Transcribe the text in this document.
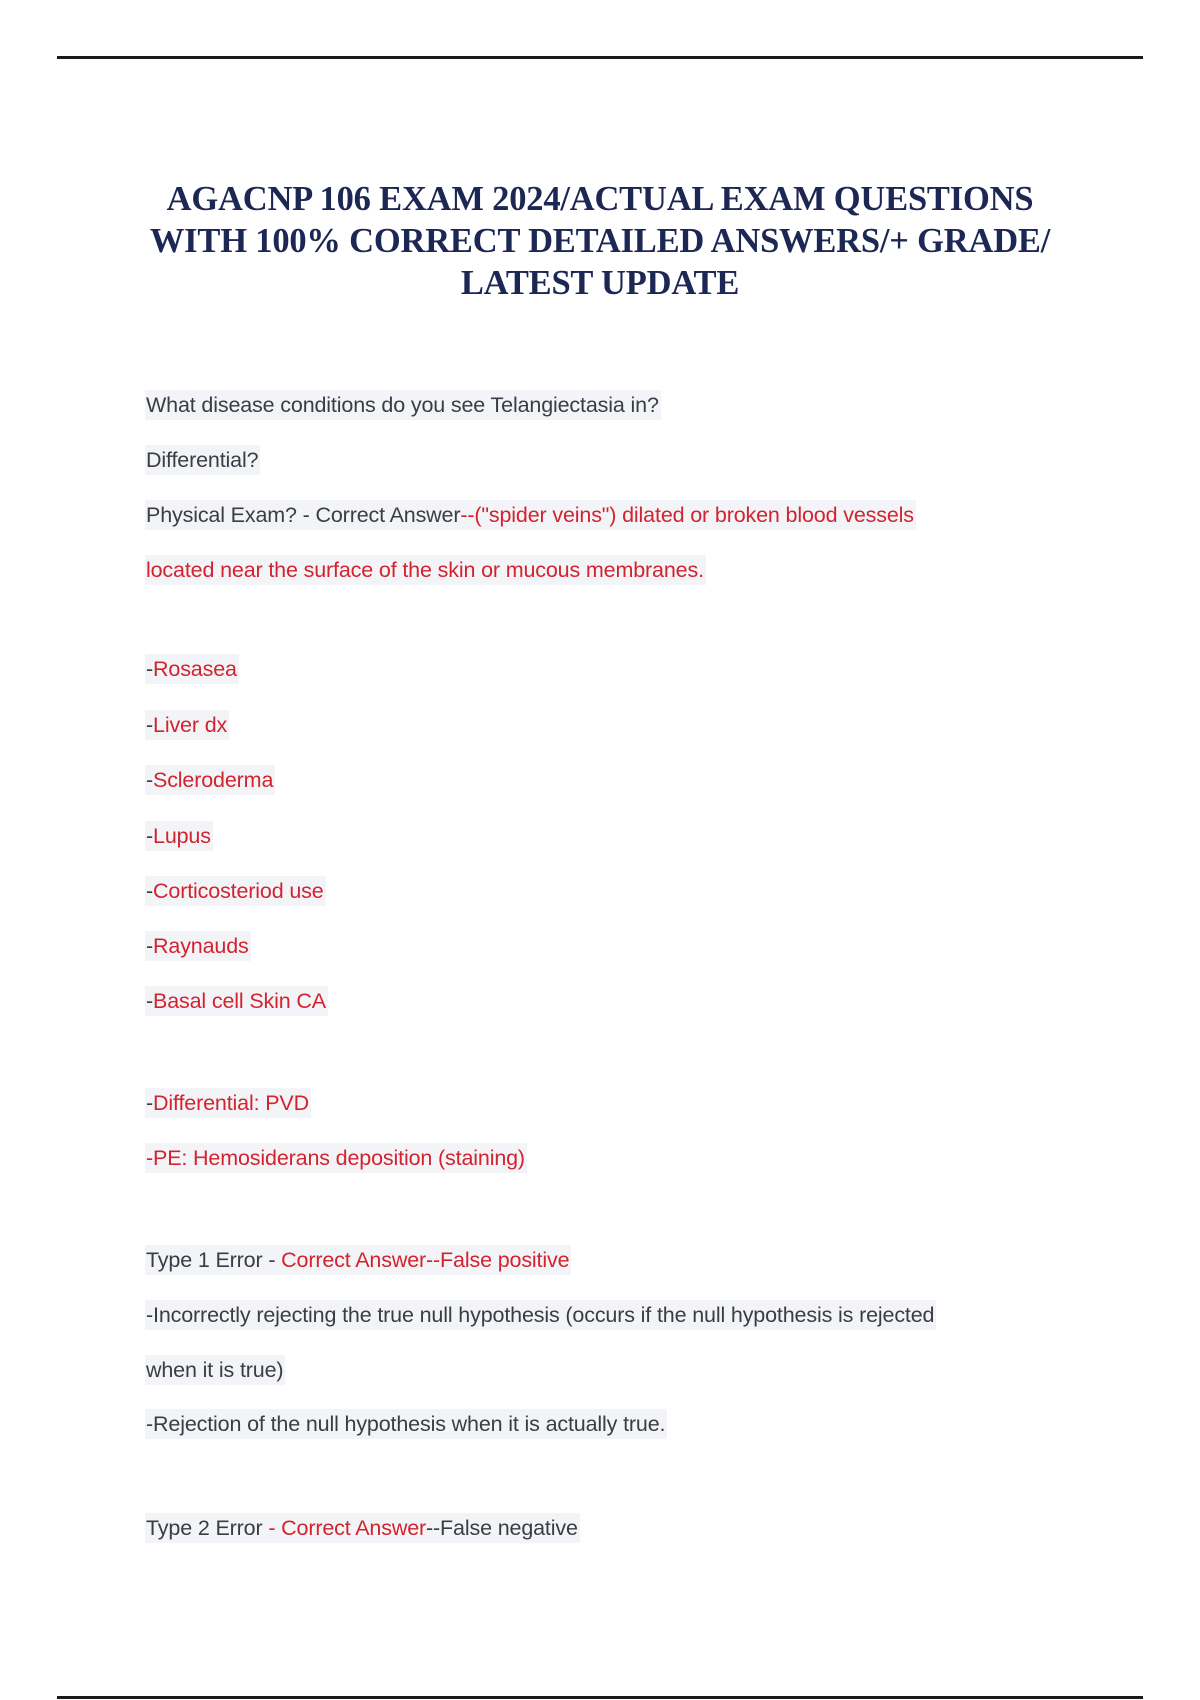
AGACNP 106 EXAM 2024/ACTUAL EXAM QUESTIONS
WITH 100% CORRECT DETAILED ANSWERS/+ GRADE/
LATEST UPDATE
What disease conditions do you see Telangiectasia in?
Differential?
Physical Exam? - Correct Answer--("spider veins") dilated or broken blood vessels
located near the surface of the skin or mucous membranes.
-Rosasea
-Liver dx
-Scleroderma
-Lupus
-Corticosteriod use
-Raynauds
-Basal cell Skin CA
-Differential: PVD
-PE: Hemosiderans deposition (staining)
Type 1 Error - Correct Answer--False positive
-Incorrectly rejecting the true null hypothesis (occurs if the null hypothesis is rejected
when it is true)
-Rejection of the null hypothesis when it is actually true.
Type 2 Error - Correct Answer--False negative
